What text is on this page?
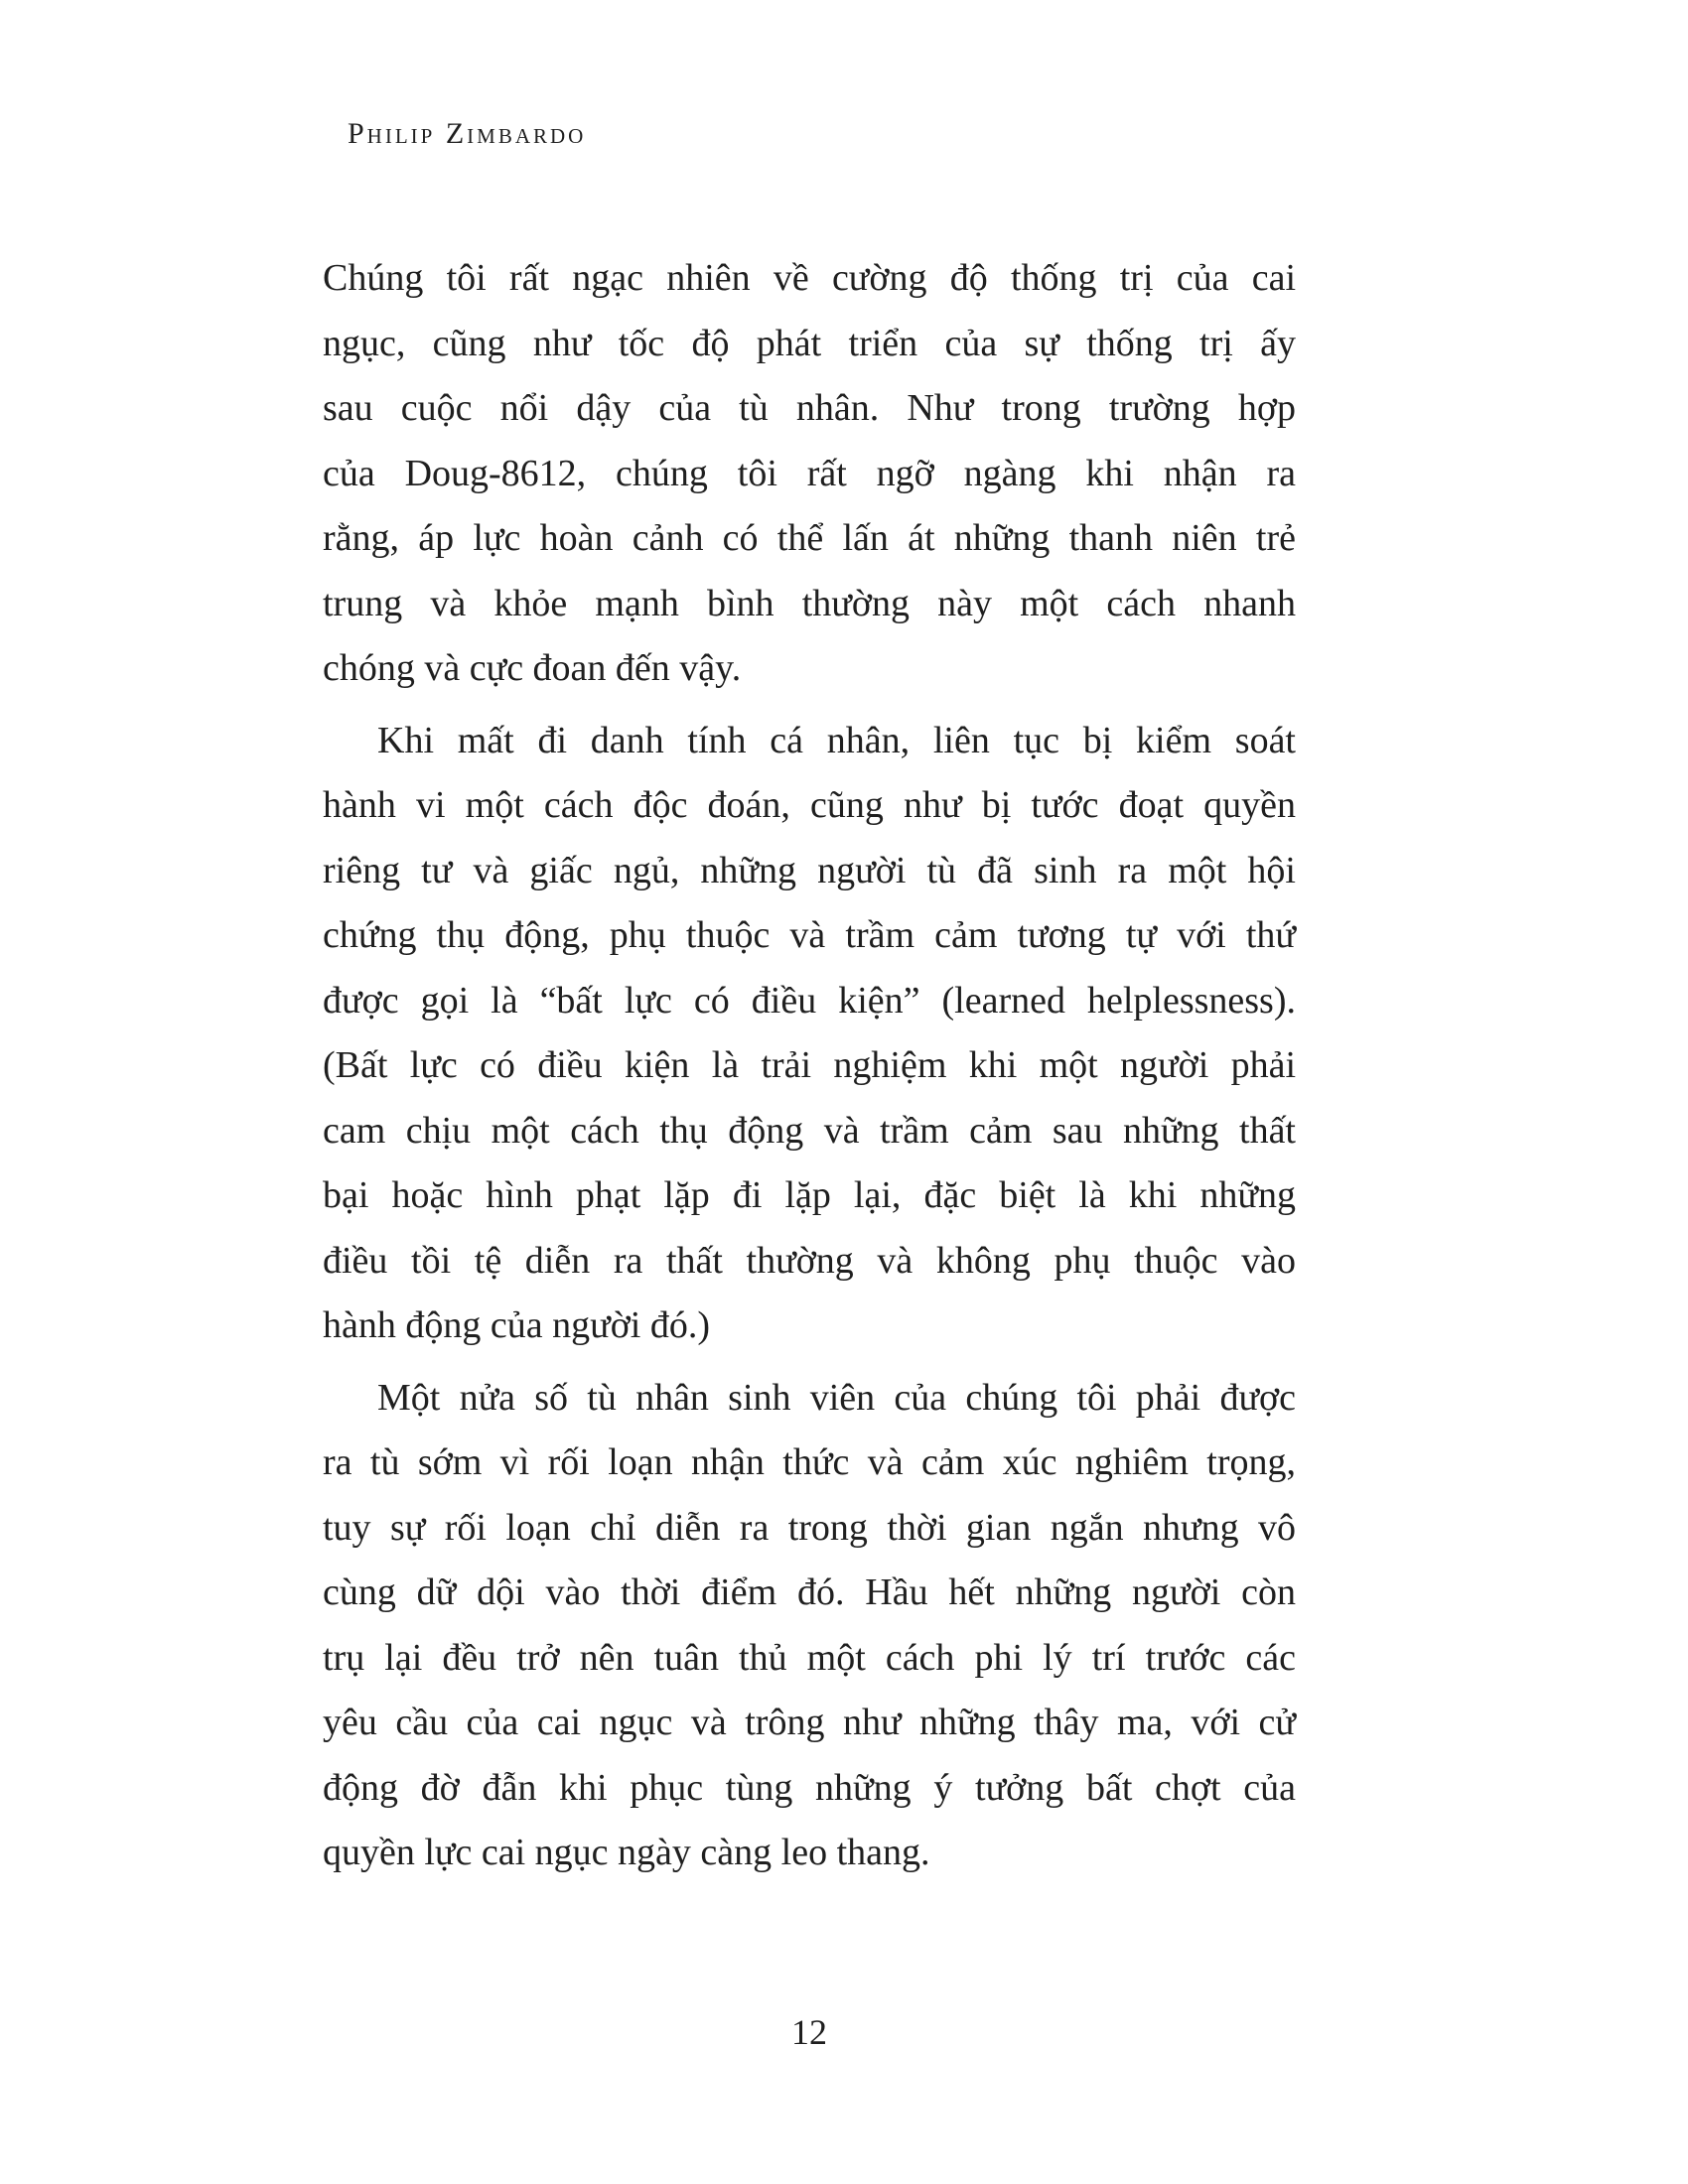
Philip Zimbardo
Chúng tôi rất ngạc nhiên về cường độ thống trị của cai
ngục, cũng như tốc độ phát triển của sự thống trị ấy
sau cuộc nổi dậy của tù nhân. Như trong trường hợp
của Doug-8612, chúng tôi rất ngỡ ngàng khi nhận ra
rằng, áp lực hoàn cảnh có thể lấn át những thanh niên trẻ
trung và khỏe mạnh bình thường này một cách nhanh
chóng và cực đoan đến vậy.
Khi mất đi danh tính cá nhân, liên tục bị kiểm soát
hành vi một cách độc đoán, cũng như bị tước đoạt quyền
riêng tư và giấc ngủ, những người tù đã sinh ra một hội
chứng thụ động, phụ thuộc và trầm cảm tương tự với thứ
được gọi là “bất lực có điều kiện” (learned helplessness).
(Bất lực có điều kiện là trải nghiệm khi một người phải
cam chịu một cách thụ động và trầm cảm sau những thất
bại hoặc hình phạt lặp đi lặp lại, đặc biệt là khi những
điều tồi tệ diễn ra thất thường và không phụ thuộc vào
hành động của người đó.)
Một nửa số tù nhân sinh viên của chúng tôi phải được
ra tù sớm vì rối loạn nhận thức và cảm xúc nghiêm trọng,
tuy sự rối loạn chỉ diễn ra trong thời gian ngắn nhưng vô
cùng dữ dội vào thời điểm đó. Hầu hết những người còn
trụ lại đều trở nên tuân thủ một cách phi lý trí trước các
yêu cầu của cai ngục và trông như những thây ma, với cử
động đờ đẫn khi phục tùng những ý tưởng bất chợt của
quyền lực cai ngục ngày càng leo thang.
12
